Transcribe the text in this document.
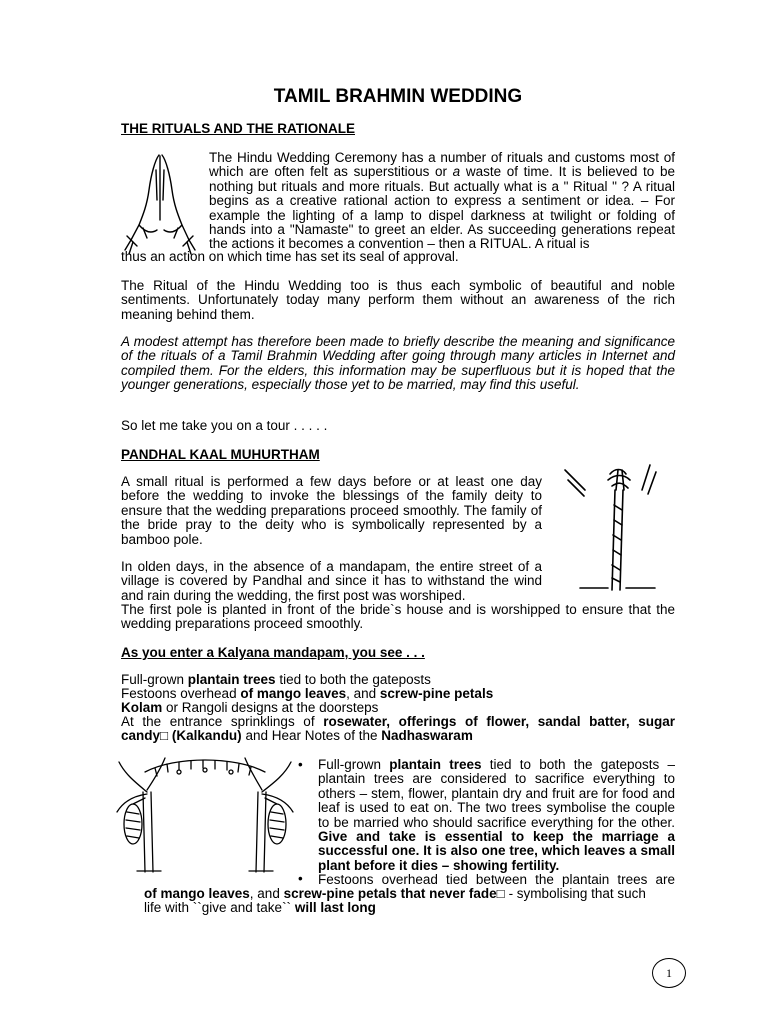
TAMIL BRAHMIN WEDDING
THE RITUALS AND THE RATIONALE
The Hindu Wedding Ceremony has a number of rituals and customs most of which are often felt as superstitious or a waste of time. It is believed to be nothing but rituals and more rituals. But actually what is a " Ritual " ? A ritual begins as a creative rational action to express a sentiment or idea. – For example the lighting of a lamp to dispel darkness at twilight or folding of hands into a "Namaste" to greet an elder. As succeeding generations repeat the actions it becomes a convention – then a RITUAL. A ritual is
thus an action on which time has set its seal of approval.
The Ritual of the Hindu Wedding too is thus each symbolic of beautiful and noble sentiments. Unfortunately today many perform them without an awareness of the rich meaning behind them.
A modest attempt has therefore been made to briefly describe the meaning and significance of the rituals of a Tamil Brahmin Wedding after going through many articles in Internet and compiled them. For the elders, this information may be superfluous but it is hoped that the younger generations, especially those yet to be married, may find this useful.
So let me take you on a tour . . . . .
PANDHAL KAAL MUHURTHAM
A small ritual is performed a few days before or at least one day before the wedding to invoke the blessings of the family deity to ensure that the wedding preparations proceed smoothly. The family of the bride pray to the deity who is symbolically represented by a bamboo pole.
In olden days, in the absence of a mandapam, the entire street of a village is covered by Pandhal and since it has to withstand the wind and rain during the wedding, the first post was worshiped.
The first pole is planted in front of the bride`s house and is worshipped to ensure that the wedding preparations proceed smoothly.
As you enter a Kalyana mandapam, you see . . .
Full-grown plantain trees tied to both the gateposts
Festoons overhead of mango leaves, and screw-pine petals
Kolam or Rangoli designs at the doorsteps
At the entrance sprinklings of rosewater, offerings of flower, sandal batter, sugar
candy□ (Kalkandu) and Hear Notes of the Nadhaswaram
• Full-grown plantain trees tied to both the gateposts – plantain trees are considered to sacrifice everything to others – stem, flower, plantain dry and fruit are for food and leaf is used to eat on. The two trees symbolise the couple to be married who should sacrifice everything for the other. Give and take is essential to keep the marriage a successful one. It is also one tree, which leaves a small plant before it dies – showing fertility.
• Festoons overhead tied between the plantain trees are
of mango leaves, and screw-pine petals that never fade□ - symbolising that such
life with ``give and take`` will last long
1
